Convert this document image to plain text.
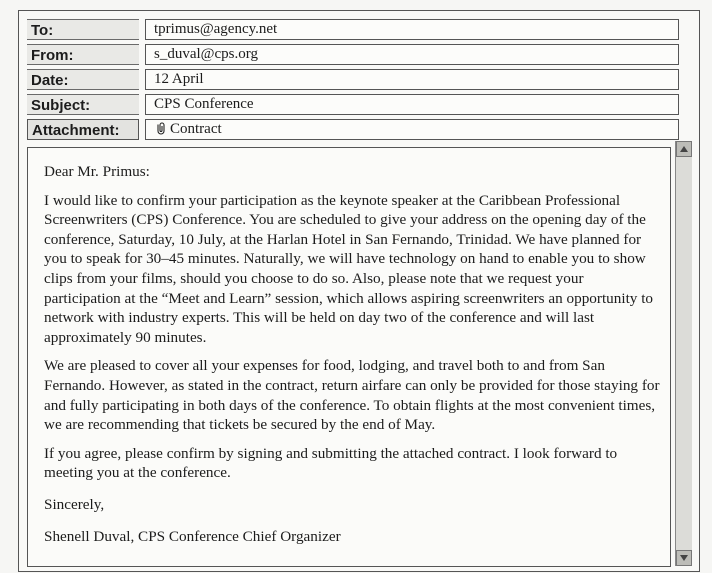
To:	tprimus@agency.net
From:	s_duval@cps.org
Date:	12 April
Subject:	CPS Conference
Attachment:	Contract

Dear Mr. Primus:

I would like to confirm your participation as the keynote speaker at the Caribbean Professional Screenwriters (CPS) Conference. You are scheduled to give your address on the opening day of the conference, Saturday, 10 July, at the Harlan Hotel in San Fernando, Trinidad. We have planned for you to speak for 30–45 minutes. Naturally, we will have technology on hand to enable you to show clips from your films, should you choose to do so. Also, please note that we request your participation at the “Meet and Learn” session, which allows aspiring screenwriters an opportunity to network with industry experts. This will be held on day two of the conference and will last approximately 90 minutes.

We are pleased to cover all your expenses for food, lodging, and travel both to and from San Fernando. However, as stated in the contract, return airfare can only be provided for those staying for and fully participating in both days of the conference. To obtain flights at the most convenient times, we are recommending that tickets be secured by the end of May.

If you agree, please confirm by signing and submitting the attached contract. I look forward to meeting you at the conference.

Sincerely,

Shenell Duval, CPS Conference Chief Organizer
